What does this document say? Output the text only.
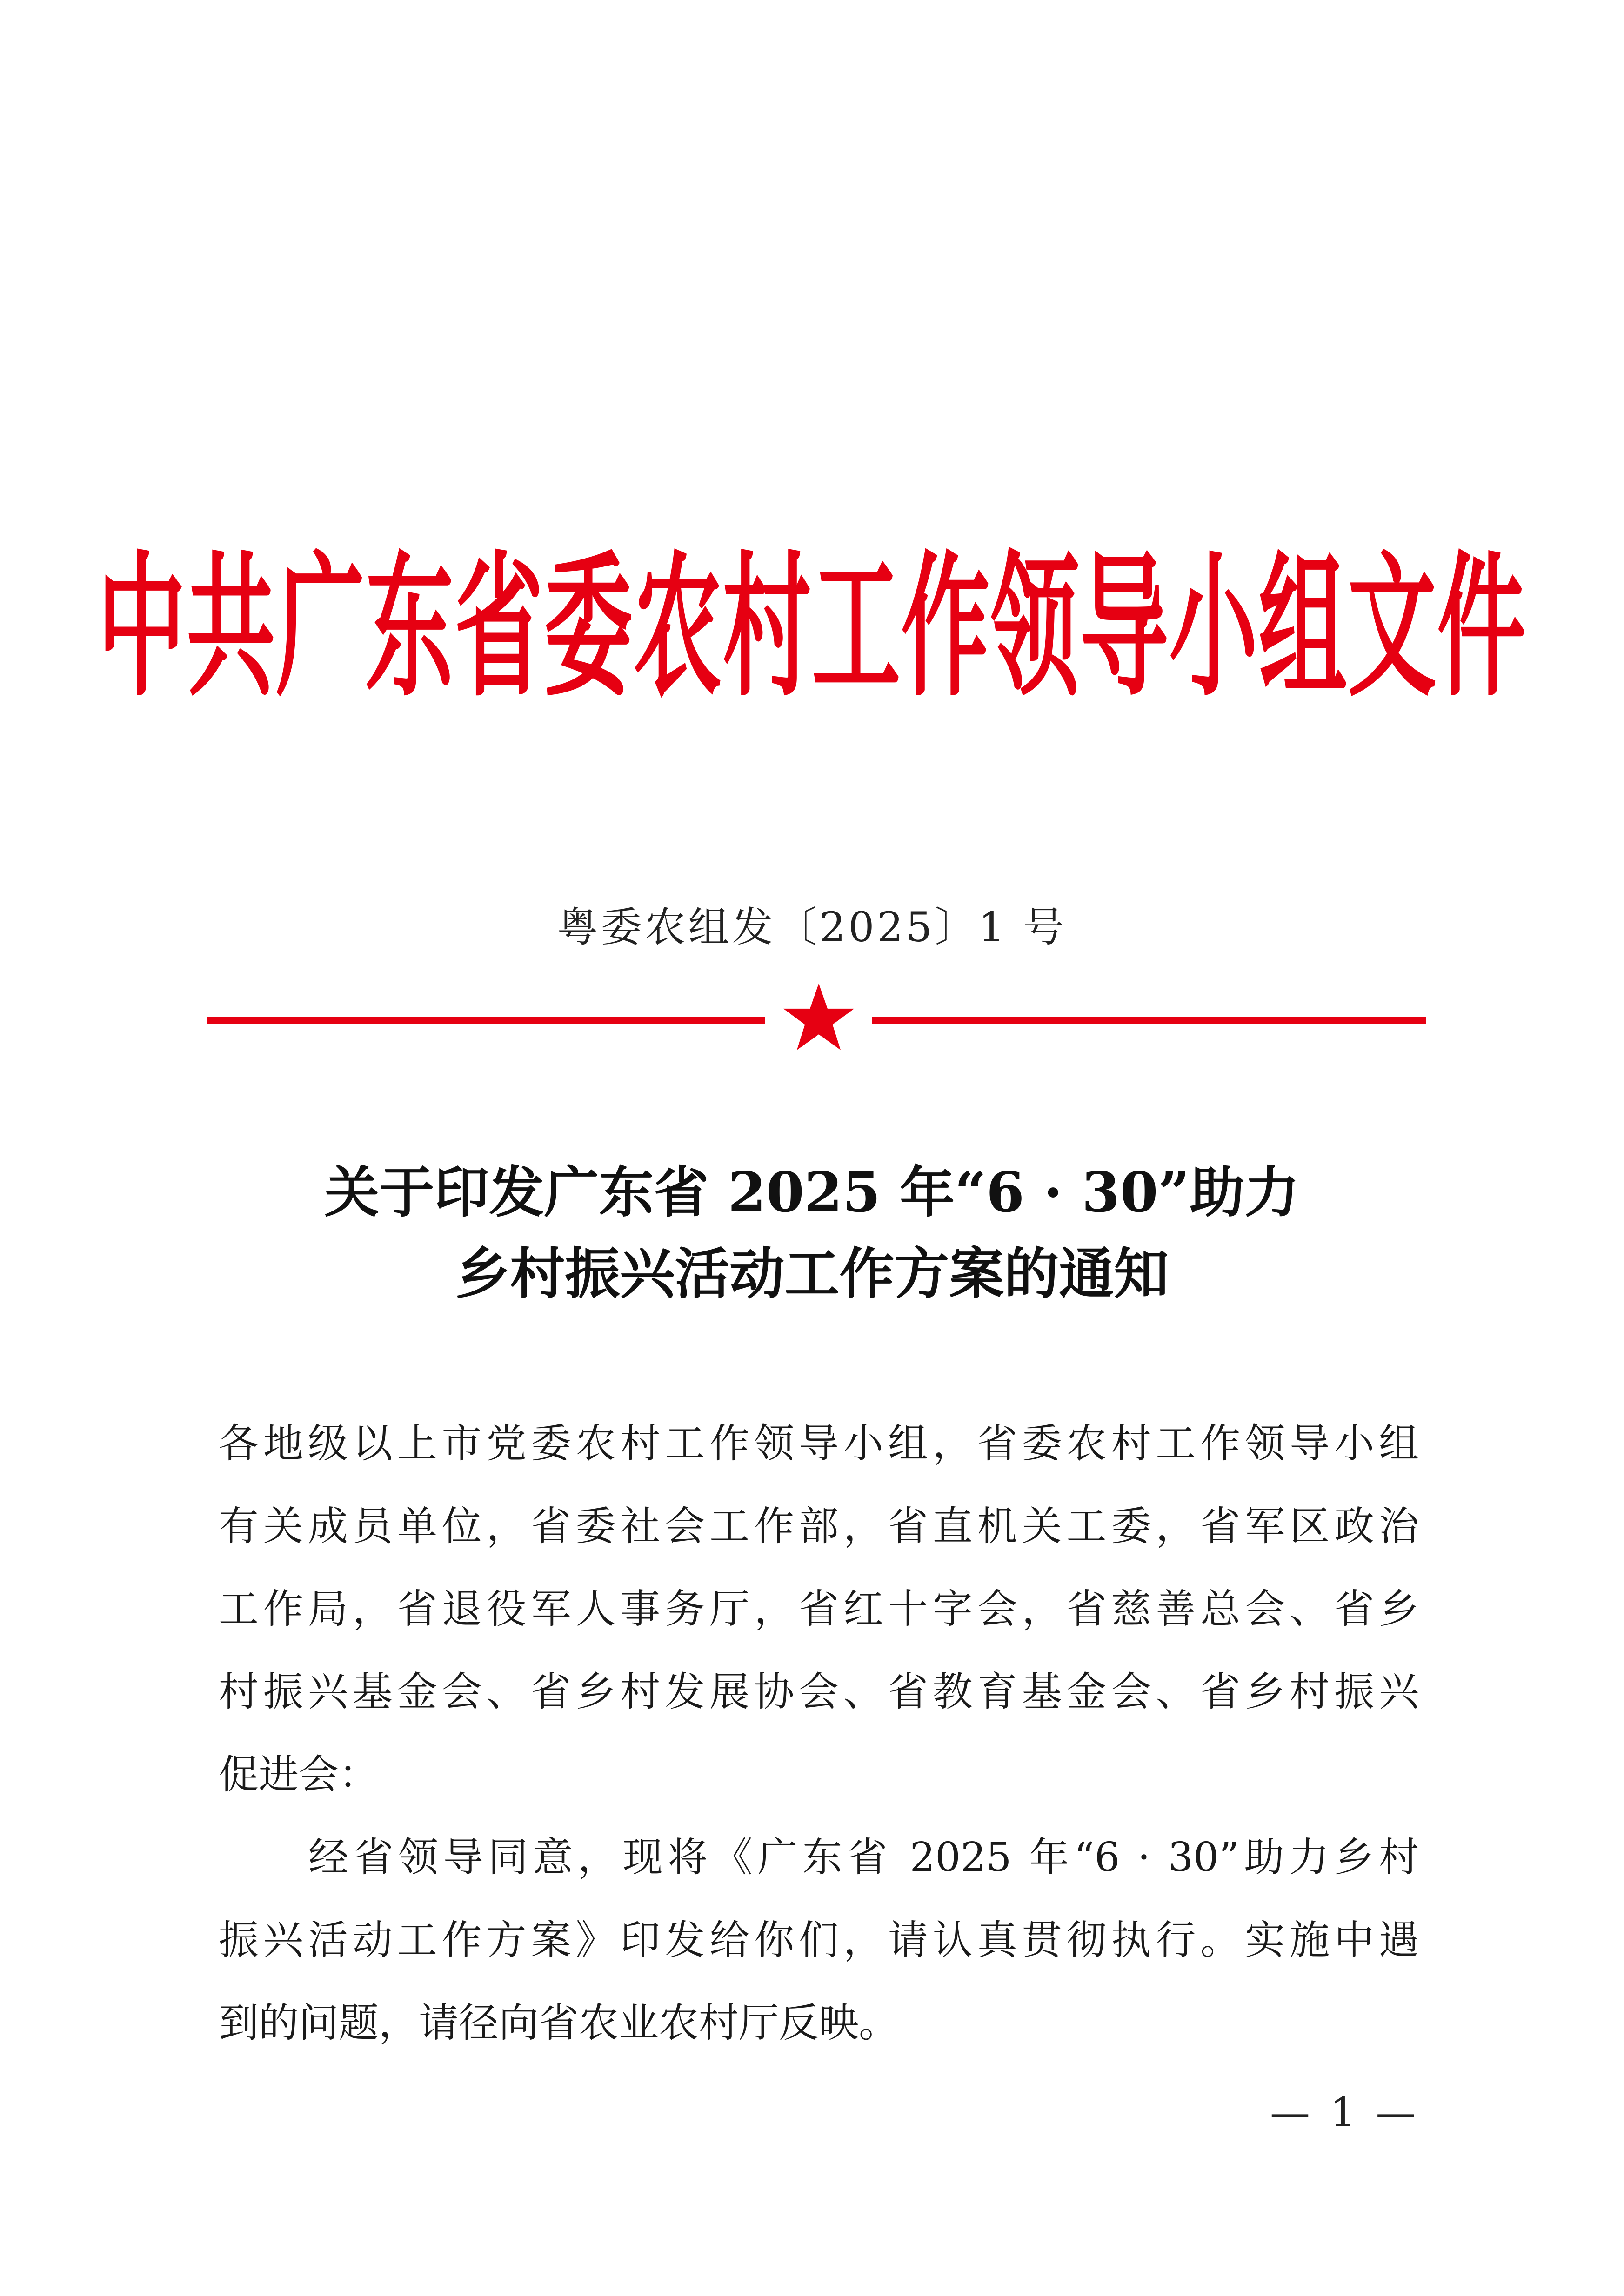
中共广东省委农村工作领导小组文件
粤委农组发〔2025〕1 号
关于印发广东省 2025 年“6 · 30”助力
乡村振兴活动工作方案的通知
各地级以上市党委农村工作领导小组，省委农村工作领导小组
有关成员单位，省委社会工作部，省直机关工委，省军区政治
工作局，省退役军人事务厅，省红十字会，省慈善总会、省乡
村振兴基金会、省乡村发展协会、省教育基金会、省乡村振兴
促进会：
　　经省领导同意，现将《广东省 2025 年“6 · 30”助力乡村
振兴活动工作方案》印发给你们，请认真贯彻执行。实施中遇
到的问题，请径向省农业农村厅反映。
— 1 —
